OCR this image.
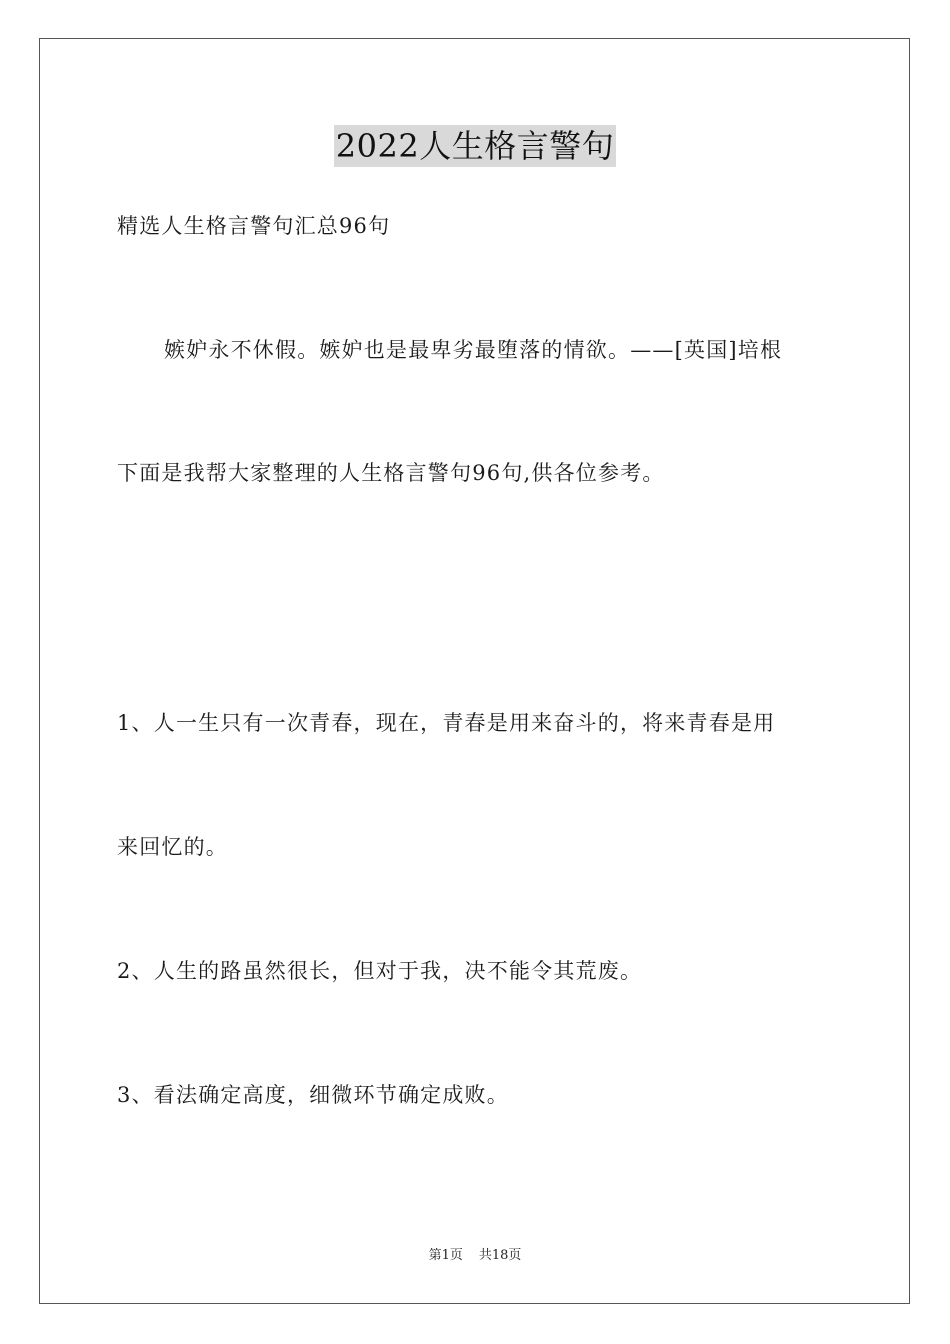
2022人生格言警句
精选人生格言警句汇总96句
嫉妒永不休假。嫉妒也是最卑劣最堕落的情欲。——[英国]培根
下面是我帮大家整理的人生格言警句96句,供各位参考。
1、人一生只有一次青春，现在，青春是用来奋斗的，将来青春是用
来回忆的。
2、人生的路虽然很长，但对于我，决不能令其荒废。
3、看法确定高度，细微环节确定成败。
第1页 共18页
